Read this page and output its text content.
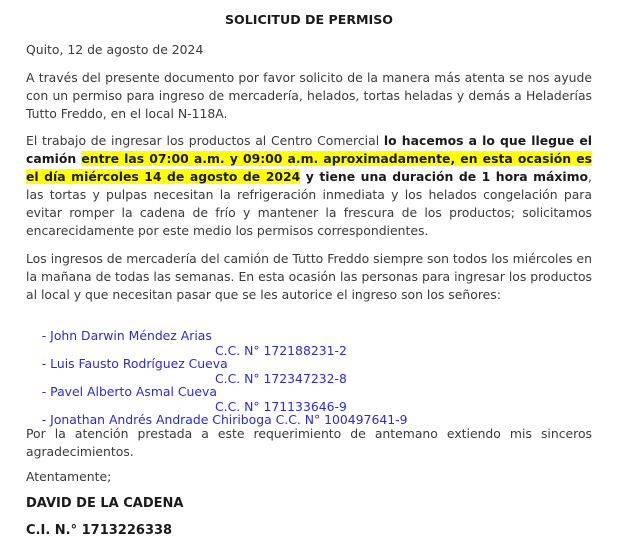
SOLICITUD DE PERMISO
Quito, 12 de agosto de 2024

A través del presente documento por favor solicito de la manera más atenta se nos ayude con un permiso para ingreso de mercadería, helados, tortas heladas y demás a Heladerías Tutto Freddo, en el local N-118A.

El trabajo de ingresar los productos al Centro Comercial lo hacemos a lo que llegue el camión entre las 07:00 a.m. y 09:00 a.m. aproximadamente, en esta ocasión es el día miércoles 14 de agosto de 2024 y tiene una duración de 1 hora máximo, las tortas y pulpas necesitan la refrigeración inmediata y los helados congelación para evitar romper la cadena de frío y mantener la frescura de los productos; solicitamos encarecidamente por este medio los permisos correspondientes.

Los ingresos de mercadería del camión de Tutto Freddo siempre son todos los miércoles en la mañana de todas las semanas. En esta ocasión las personas para ingresar los productos al local y que necesitan pasar que se les autorice el ingreso son los señores:

- John Darwin Méndez Arias

C.C. N° 172188231-2

- Luis Fausto Rodríguez Cueva

C.C. N° 172347232-8

- Pavel Alberto Asmal Cueva

C.C. N° 171133646-9

- Jonathan Andrés Andrade Chiriboga C.C. N° 100497641-9

Por la atención prestada a este requerimiento de antemano extiendo mis sinceros agradecimientos.

Atentamente;
DAVID DE LA CADENA
C.I. N.° 1713226338
